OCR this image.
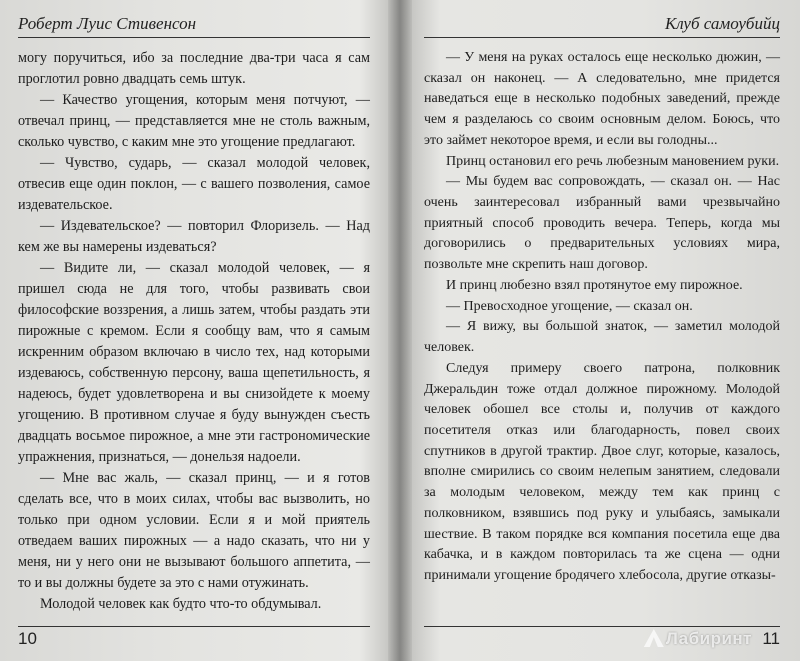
Роберт Луис Стивенсон

могу поручиться, ибо за последние два-три часа я сам проглотил ровно двадцать семь штук.

— Качество угощения, которым меня потчуют, — отвечал принц, — представляется мне не столь важным, сколько чувство, с каким мне это угощение предлагают.

— Чувство, сударь, — сказал молодой человек, отвесив еще один поклон, — с вашего позволения, самое издевательское.

— Издевательское? — повторил Флоризель. — Над кем же вы намерены издеваться?

— Видите ли, — сказал молодой человек, — я пришел сюда не для того, чтобы развивать свои философские воззрения, а лишь затем, чтобы раздать эти пирожные с кремом. Если я сообщу вам, что я самым искренним образом включаю в число тех, над которыми издеваюсь, собственную персону, ваша щепетильность, я надеюсь, будет удовлетворена и вы снизойдете к моему угощению. В противном случае я буду вынужден съесть двадцать восьмое пирожное, а мне эти гастрономические упражнения, признаться, — донельзя надоели.

— Мне вас жаль, — сказал принц, — и я готов сделать все, что в моих силах, чтобы вас вызволить, но только при одном условии. Если я и мой приятель отведаем ваших пирожных — а надо сказать, что ни у меня, ни у него они не вызывают большого аппетита, — то и вы должны будете за это с нами отужинать.

Молодой человек как будто что-то обдумывал.

10
Клуб самоубийц

— У меня на руках осталось еще несколько дюжин, — сказал он наконец. — А следовательно, мне придется наведаться еще в несколько подобных заведений, прежде чем я разделаюсь со своим основным делом. Боюсь, что это займет некоторое время, и если вы голодны...

Принц остановил его речь любезным мановением руки.

— Мы будем вас сопровождать, — сказал он. — Нас очень заинтересовал избранный вами чрезвычайно приятный способ проводить вечера. Теперь, когда мы договорились о предварительных условиях мира, позвольте мне скрепить наш договор.

И принц любезно взял протянутое ему пирожное.

— Превосходное угощение, — сказал он.

— Я вижу, вы большой знаток, — заметил молодой человек.

Следуя примеру своего патрона, полковник Джеральдин тоже отдал должное пирожному. Молодой человек обошел все столы и, получив от каждого посетителя отказ или благодарность, повел своих спутников в другой трактир. Двое слуг, которые, казалось, вполне смирились со своим нелепым занятием, следовали за молодым человеком, между тем как принц с полковником, взявшись под руку и улыбаясь, замыкали шествие. В таком порядке вся компания посетила еще два кабачка, и в каждом повторилась та же сцена — одни принимали угощение бродячего хлебосола, другие отказы-

Лабиринт 11
